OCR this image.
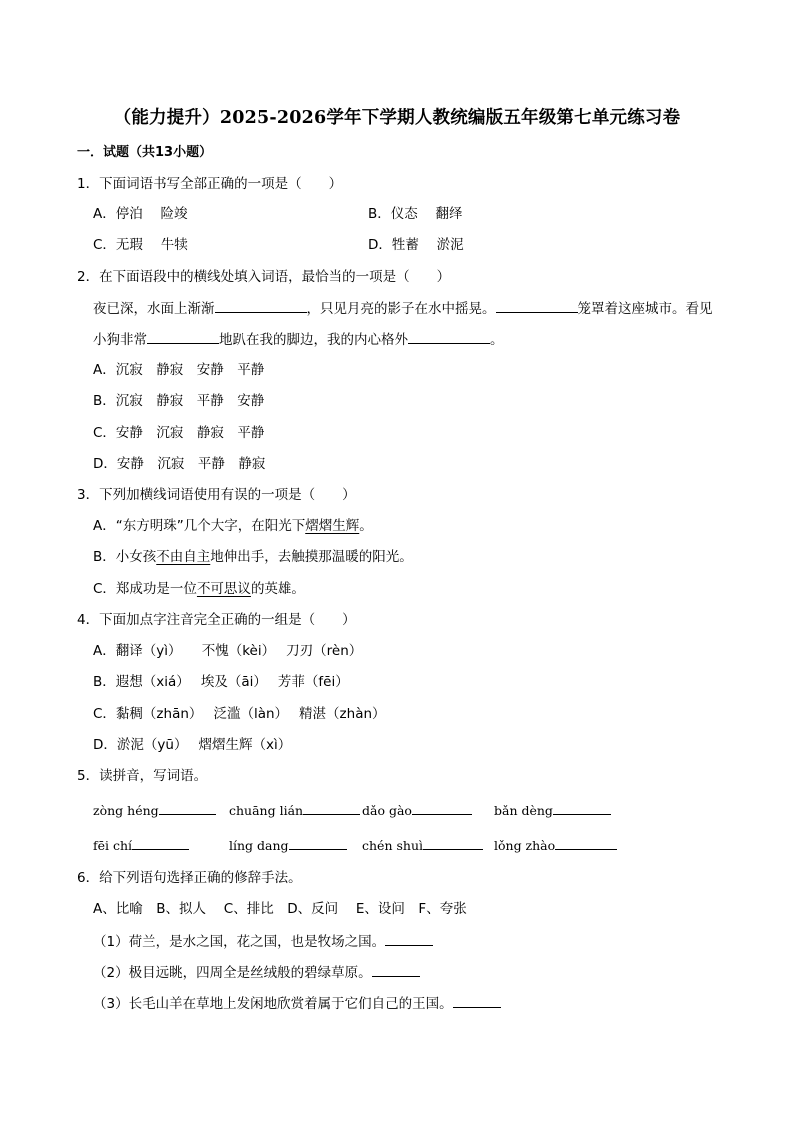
（能力提升）2025-2026学年下学期人教统编版五年级第七单元练习卷
一．试题（共13小题）
1．下面词语书写全部正确的一项是（　　）
A．停泊　 险竣	B．仪态　 翻绎
C．无瑕　 牛犊	D．牲蓄　 淤泥
2．在下面语段中的横线处填入词语，最恰当的一项是（　　）
夜已深，水面上渐渐	，只见月亮的影子在水中摇晃。	笼罩着这座城市。看见
小狗非常	地趴在我的脚边，我的内心格外	。
A．沉寂　静寂　安静　平静
B．沉寂　静寂　平静　安静
C．安静　沉寂　静寂　平静
D．安静　沉寂　平静　静寂
3．下列加横线词语使用有误的一项是（　　）
A．“东方明珠”几个大字，在阳光下熠熠生辉。
B．小女孩不由自主地伸出手，去触摸那温暖的阳光。
C．郑成功是一位不可思议的英雄。
4．下面加点字注音完全正确的一组是（　　）
A．翻译（yì）　　不愧（kèi）　 刀刃（rèn）
B．遐想（xiá）　 埃及（āi）　 芳菲（fēi）
C．黏稠（zhān）　 泛滥（làn）　 精湛（zhàn）
D．淤泥（yū）　 熠熠生辉（xì）
5．读拼音，写词语。
zòng héng	chuāng lián	dǎo gào	bǎn dèng
fēi chí	líng dang	chén shuì	lǒng zhào
6．给下列语句选择正确的修辞手法。
A、比喻　B、拟人　 C、排比　D、反问　 E、设问　F、夸张
（1）荷兰，是水之国，花之国，也是牧场之国。
（2）极目远眺，四周全是丝绒般的碧绿草原。
（3）长毛山羊在草地上发闲地欣赏着属于它们自己的王国。
